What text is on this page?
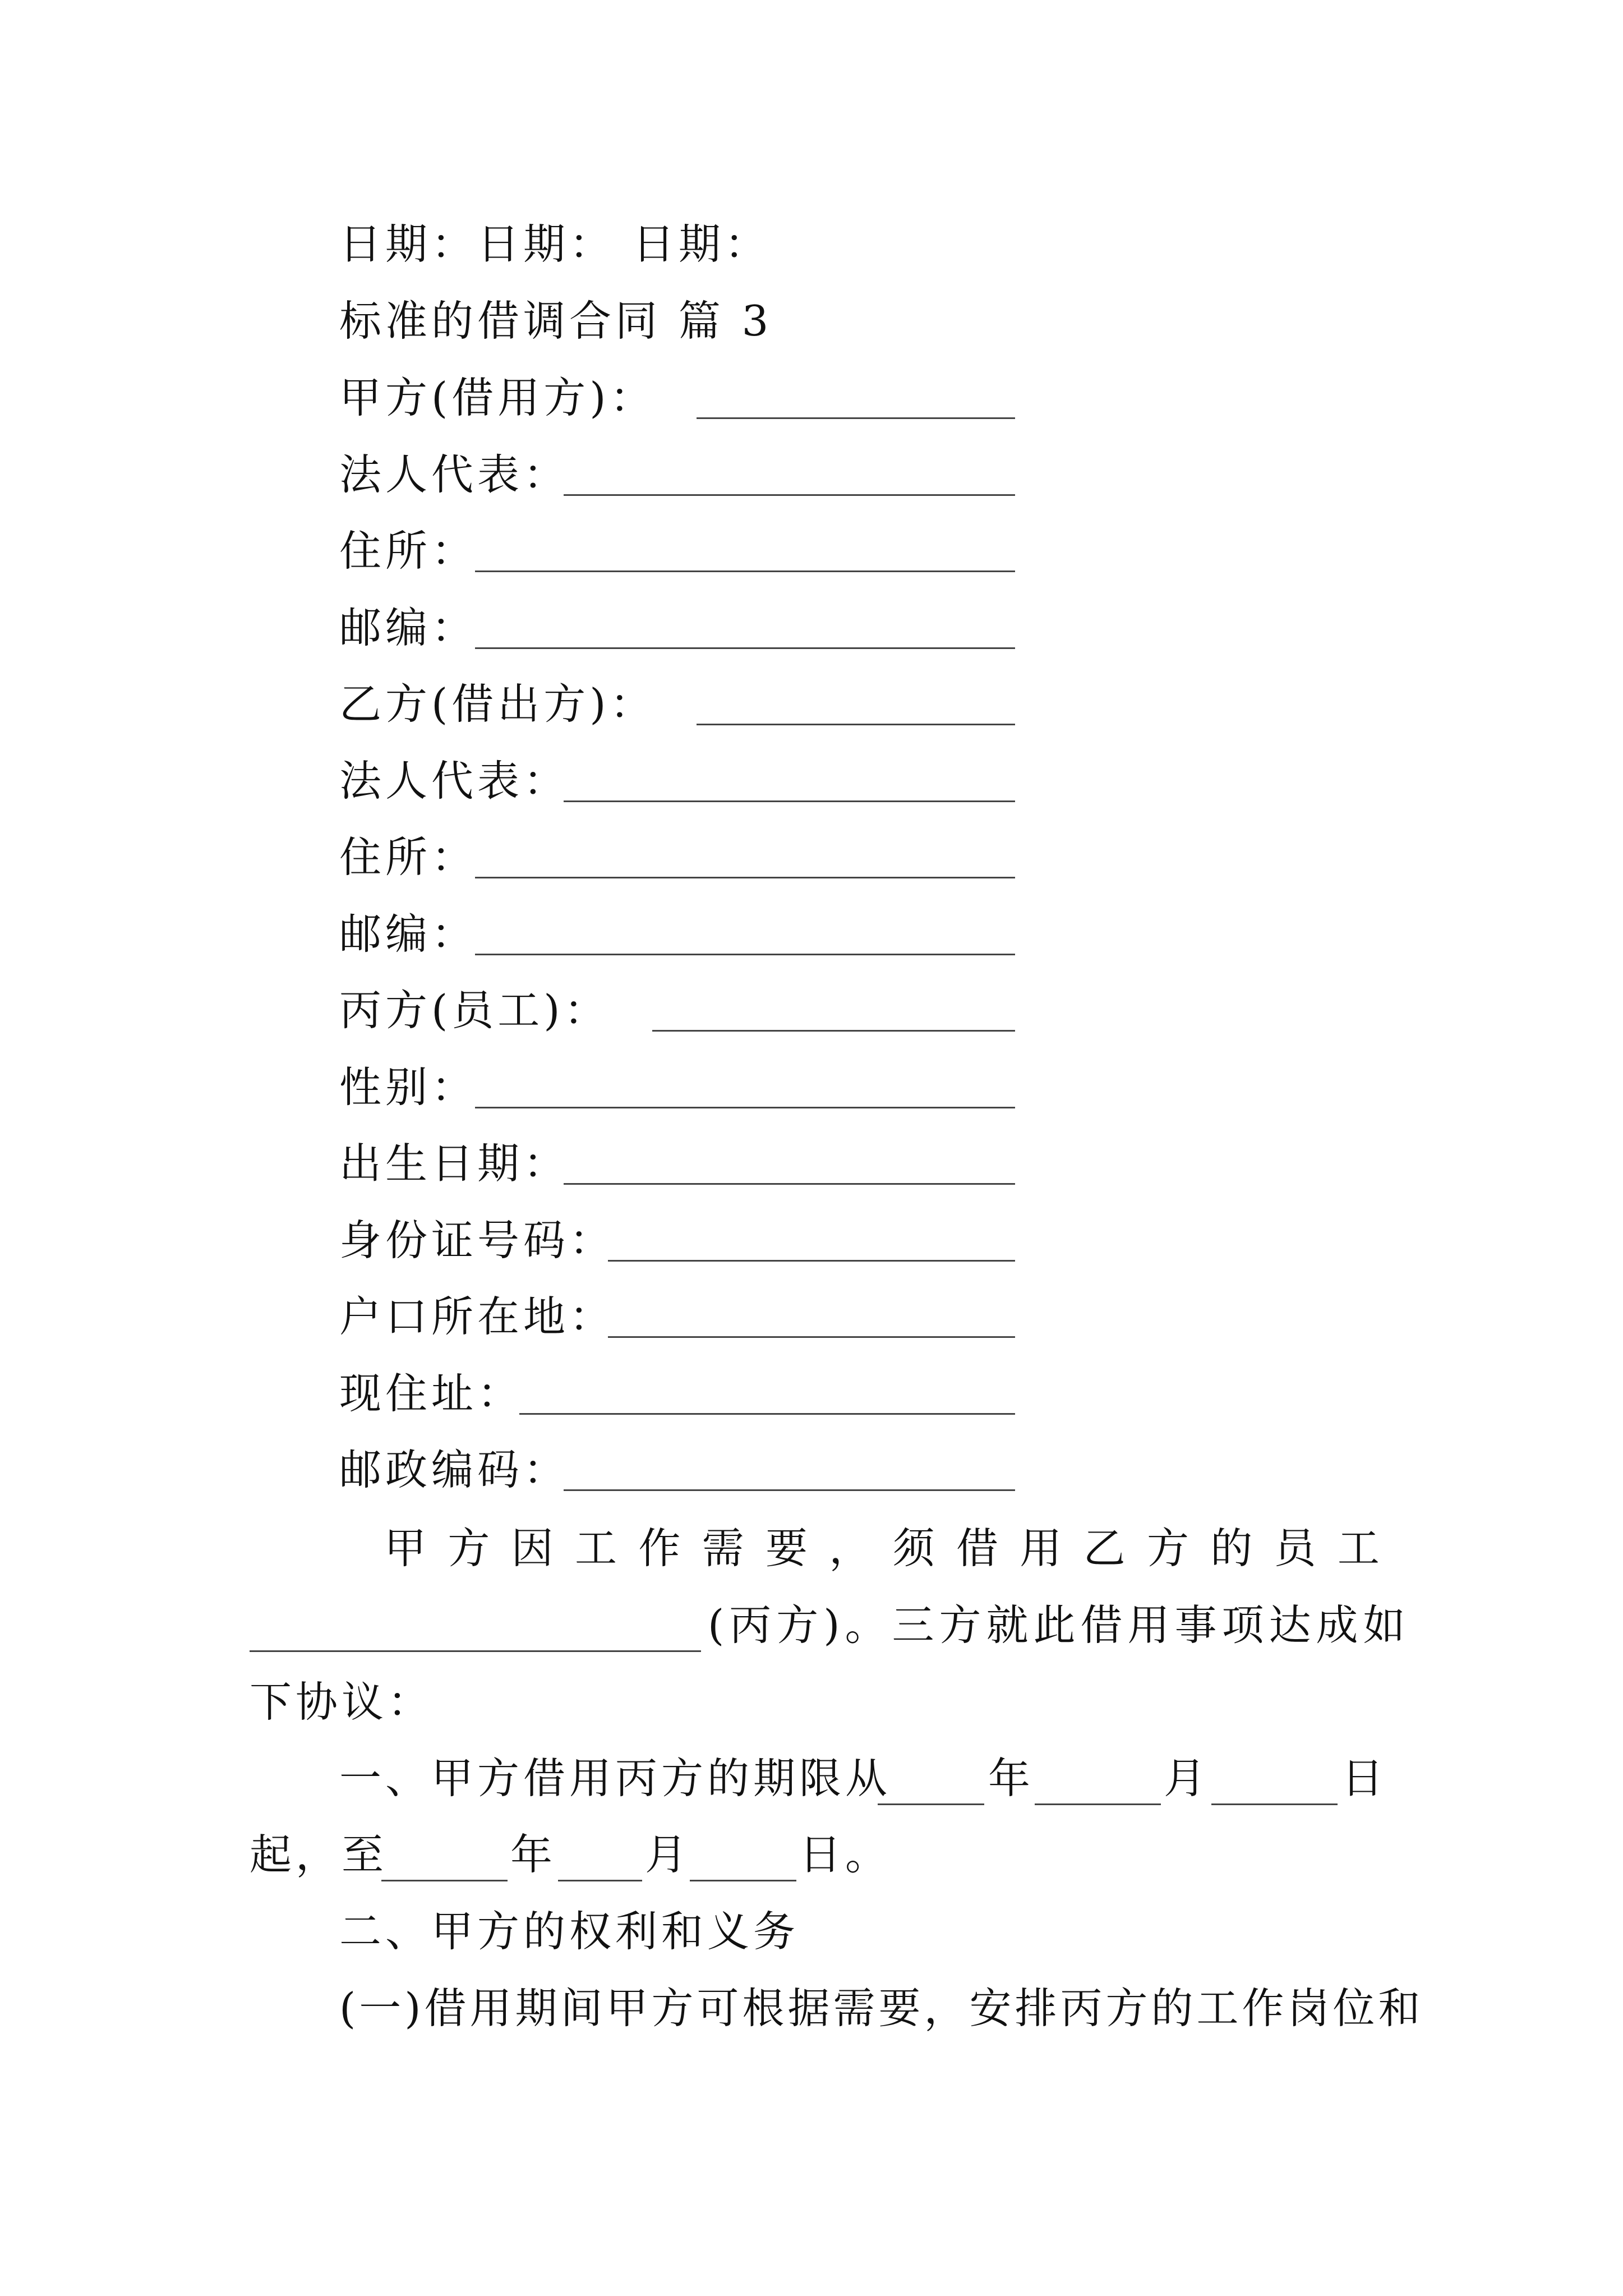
日期：日期： 日期：
标准的借调合同 篇 3
甲方(借用方)：
法人代表：
住所：
邮编：
乙方(借出方)：
法人代表：
住所：
邮编：
丙方(员工)：
性别：
出生日期：
身份证号码：
户口所在地：
现住址：
邮政编码：
甲 方 因 工 作 需 要 ， 须 借 用 乙 方 的 员 工
(丙方)。三方就此借用事项达成如
下协议：
一、甲方借用丙方的期限从 年	月	日
起，至	年 月	日。
二、甲方的权利和义务
(一)借用期间甲方可根据需要，安排丙方的工作岗位和
